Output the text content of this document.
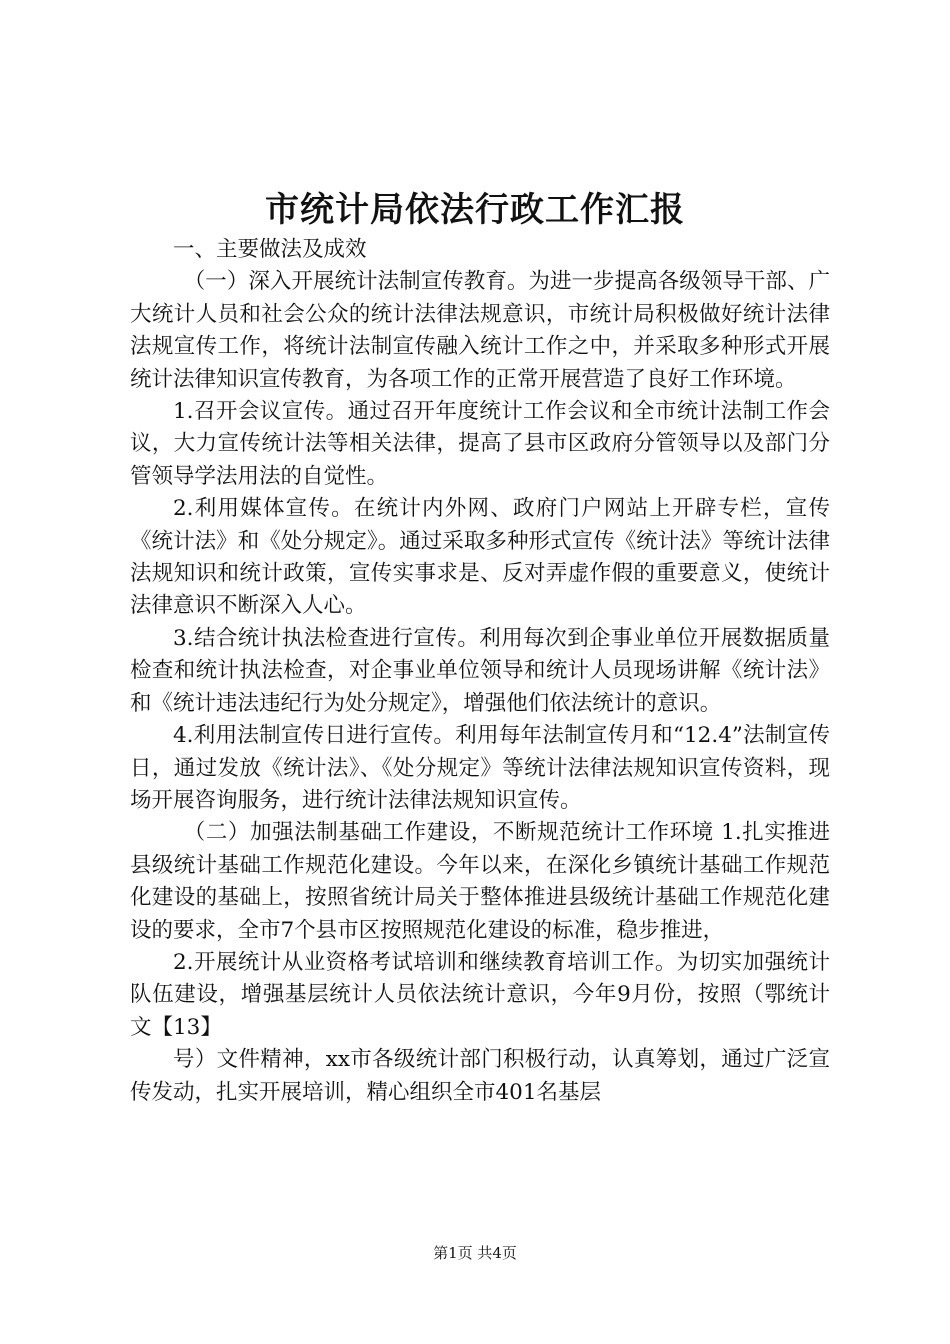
市统计局依法行政工作汇报

一、主要做法及成效

（一）深入开展统计法制宣传教育。为进一步提高各级领导干部、广大统计人员和社会公众的统计法律法规意识，市统计局积极做好统计法律法规宣传工作，将统计法制宣传融入统计工作之中，并采取多种形式开展统计法律知识宣传教育，为各项工作的正常开展营造了良好工作环境。

1.召开会议宣传。通过召开年度统计工作会议和全市统计法制工作会议，大力宣传统计法等相关法律，提高了县市区政府分管领导以及部门分管领导学法用法的自觉性。

2.利用媒体宣传。在统计内外网、政府门户网站上开辟专栏，宣传《统计法》和《处分规定》。通过采取多种形式宣传《统计法》等统计法律法规知识和统计政策，宣传实事求是、反对弄虚作假的重要意义，使统计法律意识不断深入人心。

3.结合统计执法检查进行宣传。利用每次到企事业单位开展数据质量检查和统计执法检查，对企事业单位领导和统计人员现场讲解《统计法》和《统计违法违纪行为处分规定》，增强他们依法统计的意识。

4.利用法制宣传日进行宣传。利用每年法制宣传月和“12.4”法制宣传日，通过发放《统计法》、《处分规定》等统计法律法规知识宣传资料，现场开展咨询服务，进行统计法律法规知识宣传。

（二）加强法制基础工作建设，不断规范统计工作环境 1.扎实推进县级统计基础工作规范化建设。今年以来，在深化乡镇统计基础工作规范化建设的基础上，按照省统计局关于整体推进县级统计基础工作规范化建设的要求，全市7个县市区按照规范化建设的标准，稳步推进，

2.开展统计从业资格考试培训和继续教育培训工作。为切实加强统计队伍建设，增强基层统计人员依法统计意识，今年9月份，按照（鄂统计文【13】

号）文件精神，xx市各级统计部门积极行动，认真筹划，通过广泛宣传发动，扎实开展培训，精心组织全市401名基层

第1页 共4页
